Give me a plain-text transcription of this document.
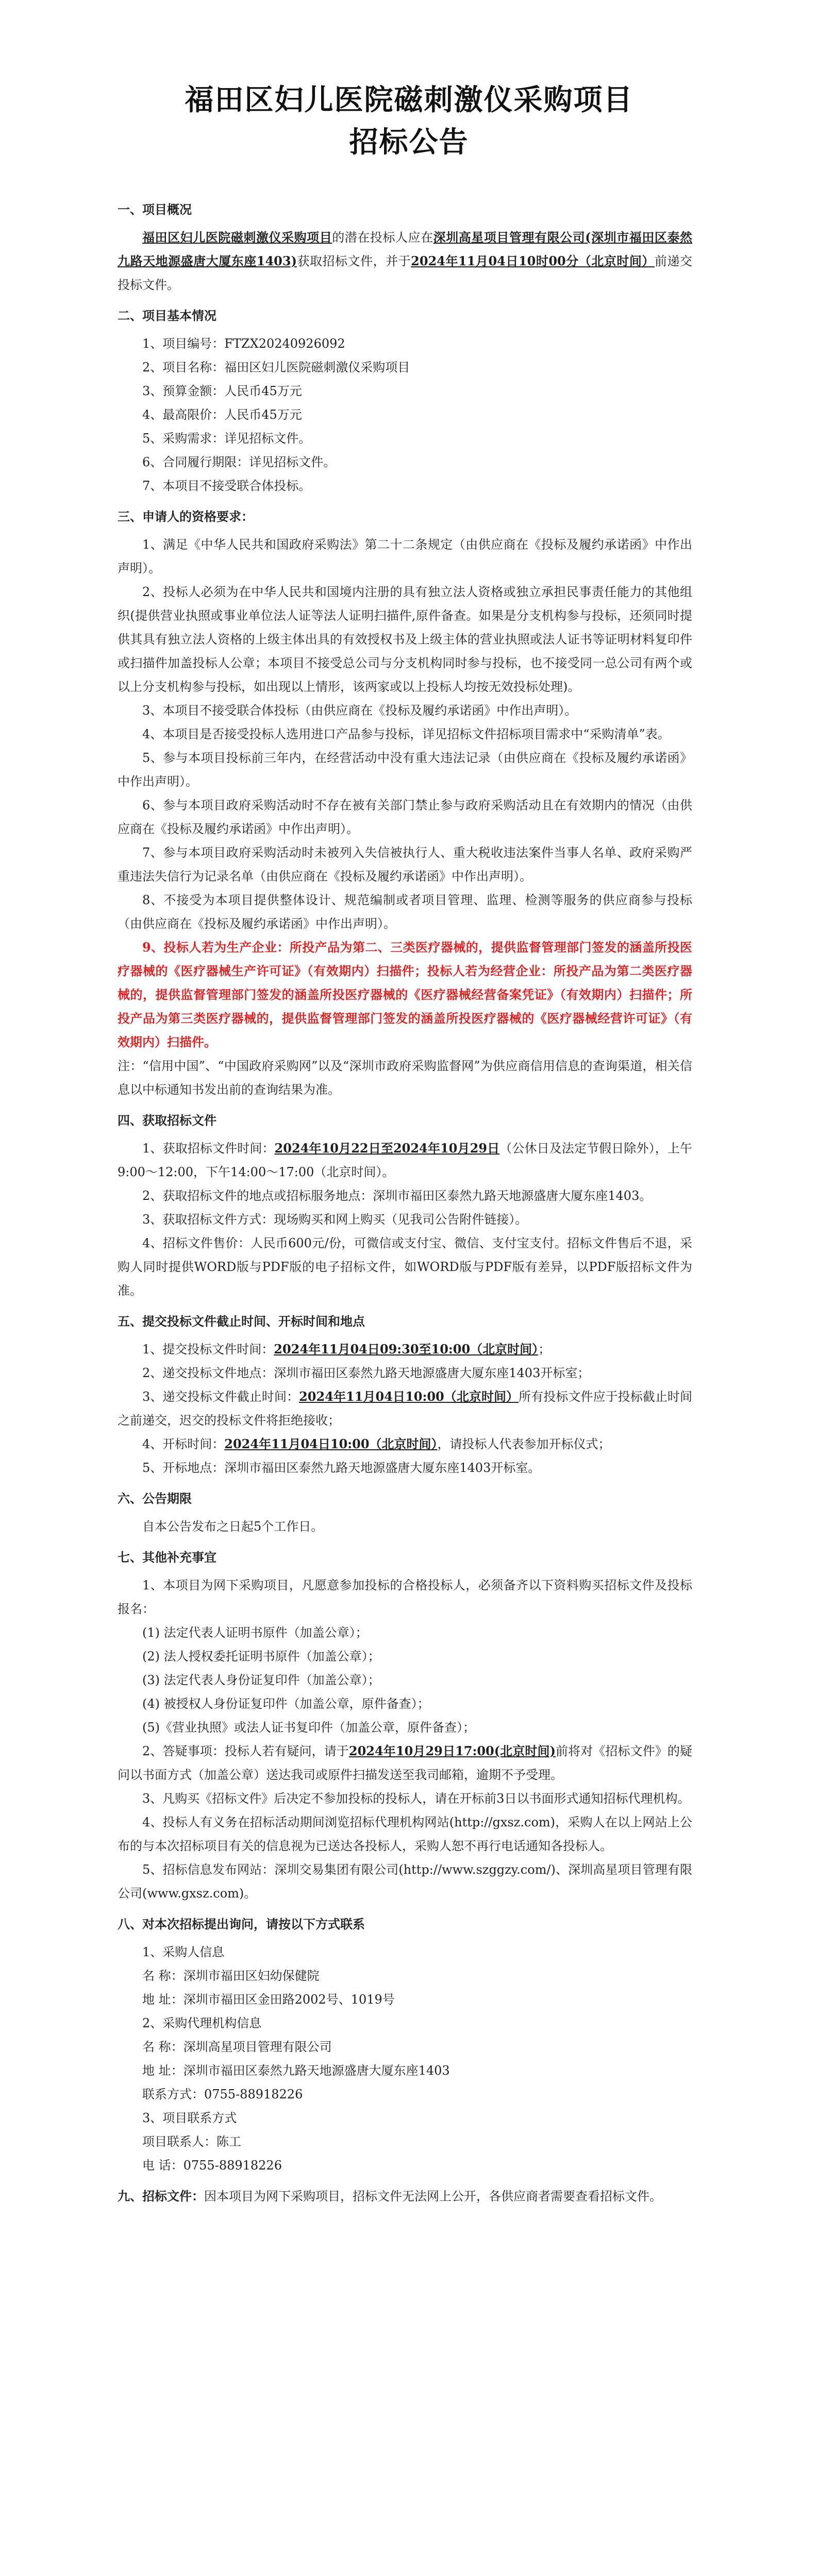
福田区妇儿医院磁刺激仪采购项目
招标公告
一、项目概况

福田区妇儿医院磁刺激仪采购项目的潜在投标人应在深圳高星项目管理有限公司(深圳市福田区泰然九路天地源盛唐大厦东座1403)获取招标文件，并于2024年11月04日10时00分（北京时间）前递交投标文件。

二、项目基本情况

1、项目编号：FTZX20240926092

2、项目名称：福田区妇儿医院磁刺激仪采购项目

3、预算金额：人民币45万元

4、最高限价：人民币45万元

5、采购需求：详见招标文件。

6、合同履行期限：详见招标文件。

7、本项目不接受联合体投标。

三、申请人的资格要求：

1、满足《中华人民共和国政府采购法》第二十二条规定（由供应商在《投标及履约承诺函》中作出声明）。

2、投标人必须为在中华人民共和国境内注册的具有独立法人资格或独立承担民事责任能力的其他组织(提供营业执照或事业单位法人证等法人证明扫描件,原件备查。如果是分支机构参与投标，还须同时提供其具有独立法人资格的上级主体出具的有效授权书及上级主体的营业执照或法人证书等证明材料复印件或扫描件加盖投标人公章；本项目不接受总公司与分支机构同时参与投标，也不接受同一总公司有两个或以上分支机构参与投标，如出现以上情形，该两家或以上投标人均按无效投标处理)。

3、本项目不接受联合体投标（由供应商在《投标及履约承诺函》中作出声明）。

4、本项目是否接受投标人选用进口产品参与投标，详见招标文件招标项目需求中“采购清单”表。

5、参与本项目投标前三年内，在经营活动中没有重大违法记录（由供应商在《投标及履约承诺函》中作出声明）。

6、参与本项目政府采购活动时不存在被有关部门禁止参与政府采购活动且在有效期内的情况（由供应商在《投标及履约承诺函》中作出声明）。

7、参与本项目政府采购活动时未被列入失信被执行人、重大税收违法案件当事人名单、政府采购严重违法失信行为记录名单（由供应商在《投标及履约承诺函》中作出声明）。

8、不接受为本项目提供整体设计、规范编制或者项目管理、监理、检测等服务的供应商参与投标（由供应商在《投标及履约承诺函》中作出声明）。

9、投标人若为生产企业：所投产品为第二、三类医疗器械的，提供监督管理部门签发的涵盖所投医疗器械的《医疗器械生产许可证》（有效期内）扫描件；投标人若为经营企业：所投产品为第二类医疗器械的，提供监督管理部门签发的涵盖所投医疗器械的《医疗器械经营备案凭证》（有效期内）扫描件；所投产品为第三类医疗器械的，提供监督管理部门签发的涵盖所投医疗器械的《医疗器械经营许可证》（有效期内）扫描件。

注：“信用中国”、“中国政府采购网”以及“深圳市政府采购监督网”为供应商信用信息的查询渠道，相关信息以中标通知书发出前的查询结果为准。

四、获取招标文件

1、获取招标文件时间：2024年10月22日至2024年10月29日（公休日及法定节假日除外），上午9:00～12:00，下午14:00～17:00（北京时间）。

2、获取招标文件的地点或招标服务地点：深圳市福田区泰然九路天地源盛唐大厦东座1403。

3、获取招标文件方式：现场购买和网上购买（见我司公告附件链接）。

4、招标文件售价：人民币600元/份，可微信或支付宝、微信、支付宝支付。招标文件售后不退，采购人同时提供WORD版与PDF版的电子招标文件，如WORD版与PDF版有差异，以PDF版招标文件为准。

五、提交投标文件截止时间、开标时间和地点

1、提交投标文件时间：2024年11月04日09:30至10:00（北京时间）；

2、递交投标文件地点：深圳市福田区泰然九路天地源盛唐大厦东座1403开标室；

3、递交投标文件截止时间：2024年11月04日10:00（北京时间）所有投标文件应于投标截止时间之前递交，迟交的投标文件将拒绝接收；

4、开标时间：2024年11月04日10:00（北京时间），请投标人代表参加开标仪式；

5、开标地点：深圳市福田区泰然九路天地源盛唐大厦东座1403开标室。

六、公告期限

自本公告发布之日起5个工作日。

七、其他补充事宜

1、本项目为网下采购项目，凡愿意参加投标的合格投标人，必须备齐以下资料购买招标文件及投标报名：

(1) 法定代表人证明书原件（加盖公章）；

(2) 法人授权委托证明书原件（加盖公章）；

(3) 法定代表人身份证复印件（加盖公章）；

(4) 被授权人身份证复印件（加盖公章，原件备查）；

(5)《营业执照》或法人证书复印件（加盖公章，原件备查）；

2、答疑事项：投标人若有疑问，请于2024年10月29日17:00(北京时间)前将对《招标文件》的疑问以书面方式（加盖公章）送达我司或原件扫描发送至我司邮箱，逾期不予受理。

3、凡购买《招标文件》后决定不参加投标的投标人，请在开标前3日以书面形式通知招标代理机构。

4、投标人有义务在招标活动期间浏览招标代理机构网站(http://gxsz.com)，采购人在以上网站上公布的与本次招标项目有关的信息视为已送达各投标人，采购人恕不再行电话通知各投标人。

5、招标信息发布网站：深圳交易集团有限公司(http://www.szggzy.com/)、深圳高星项目管理有限公司(www.gxsz.com)。

八、对本次招标提出询问，请按以下方式联系

1、采购人信息

名 称：深圳市福田区妇幼保健院

地 址：深圳市福田区金田路2002号、1019号

2、采购代理机构信息

名 称：深圳高星项目管理有限公司

地 址：深圳市福田区泰然九路天地源盛唐大厦东座1403

联系方式：0755-88918226

3、项目联系方式

项目联系人：陈工

电 话：0755-88918226

九、招标文件：因本项目为网下采购项目，招标文件无法网上公开，各供应商者需要查看招标文件。
